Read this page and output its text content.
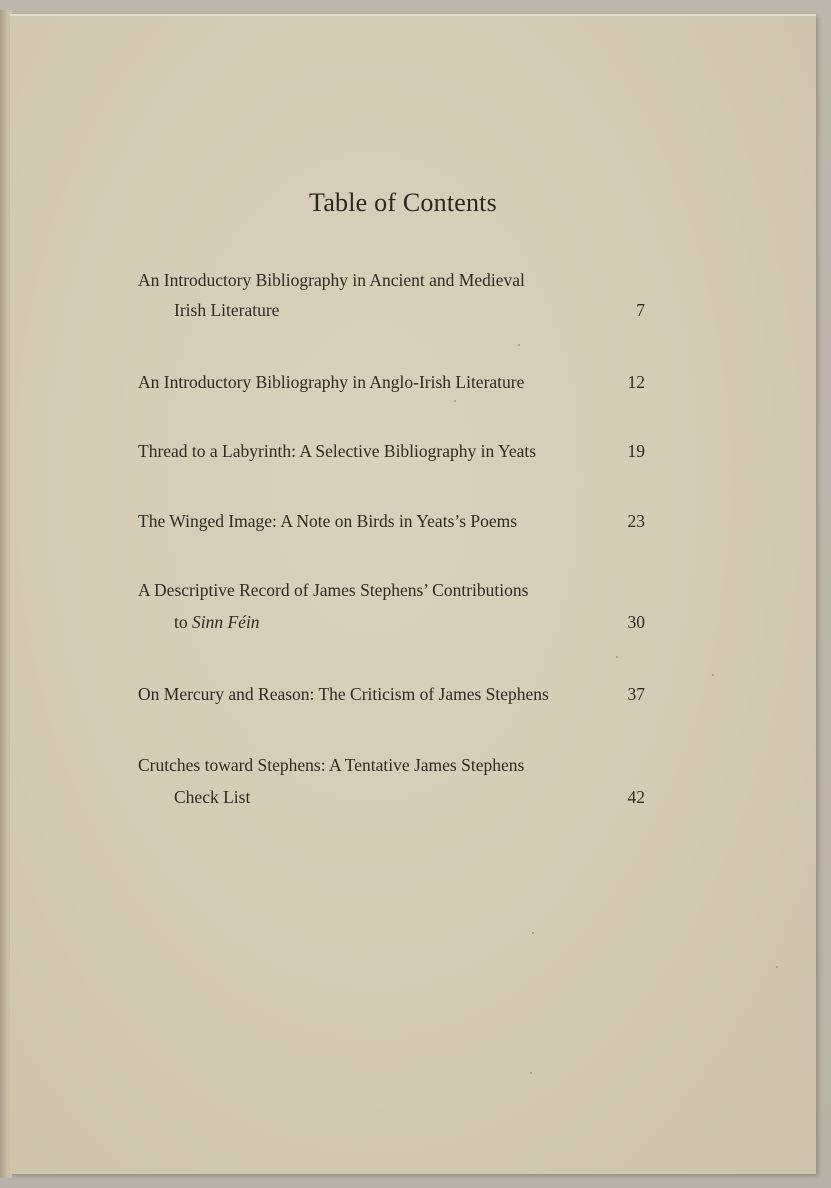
Table of Contents
An Introductory Bibliography in Ancient and Medieval
Irish Literature	7
An Introductory Bibliography in Anglo-Irish Literature	12
Thread to a Labyrinth: A Selective Bibliography in Yeats	19
The Winged Image: A Note on Birds in Yeats’s Poems	23
A Descriptive Record of James Stephens’ Contributions
to Sinn Féin	30
On Mercury and Reason: The Criticism of James Stephens	37
Crutches toward Stephens: A Tentative James Stephens
Check List	42
